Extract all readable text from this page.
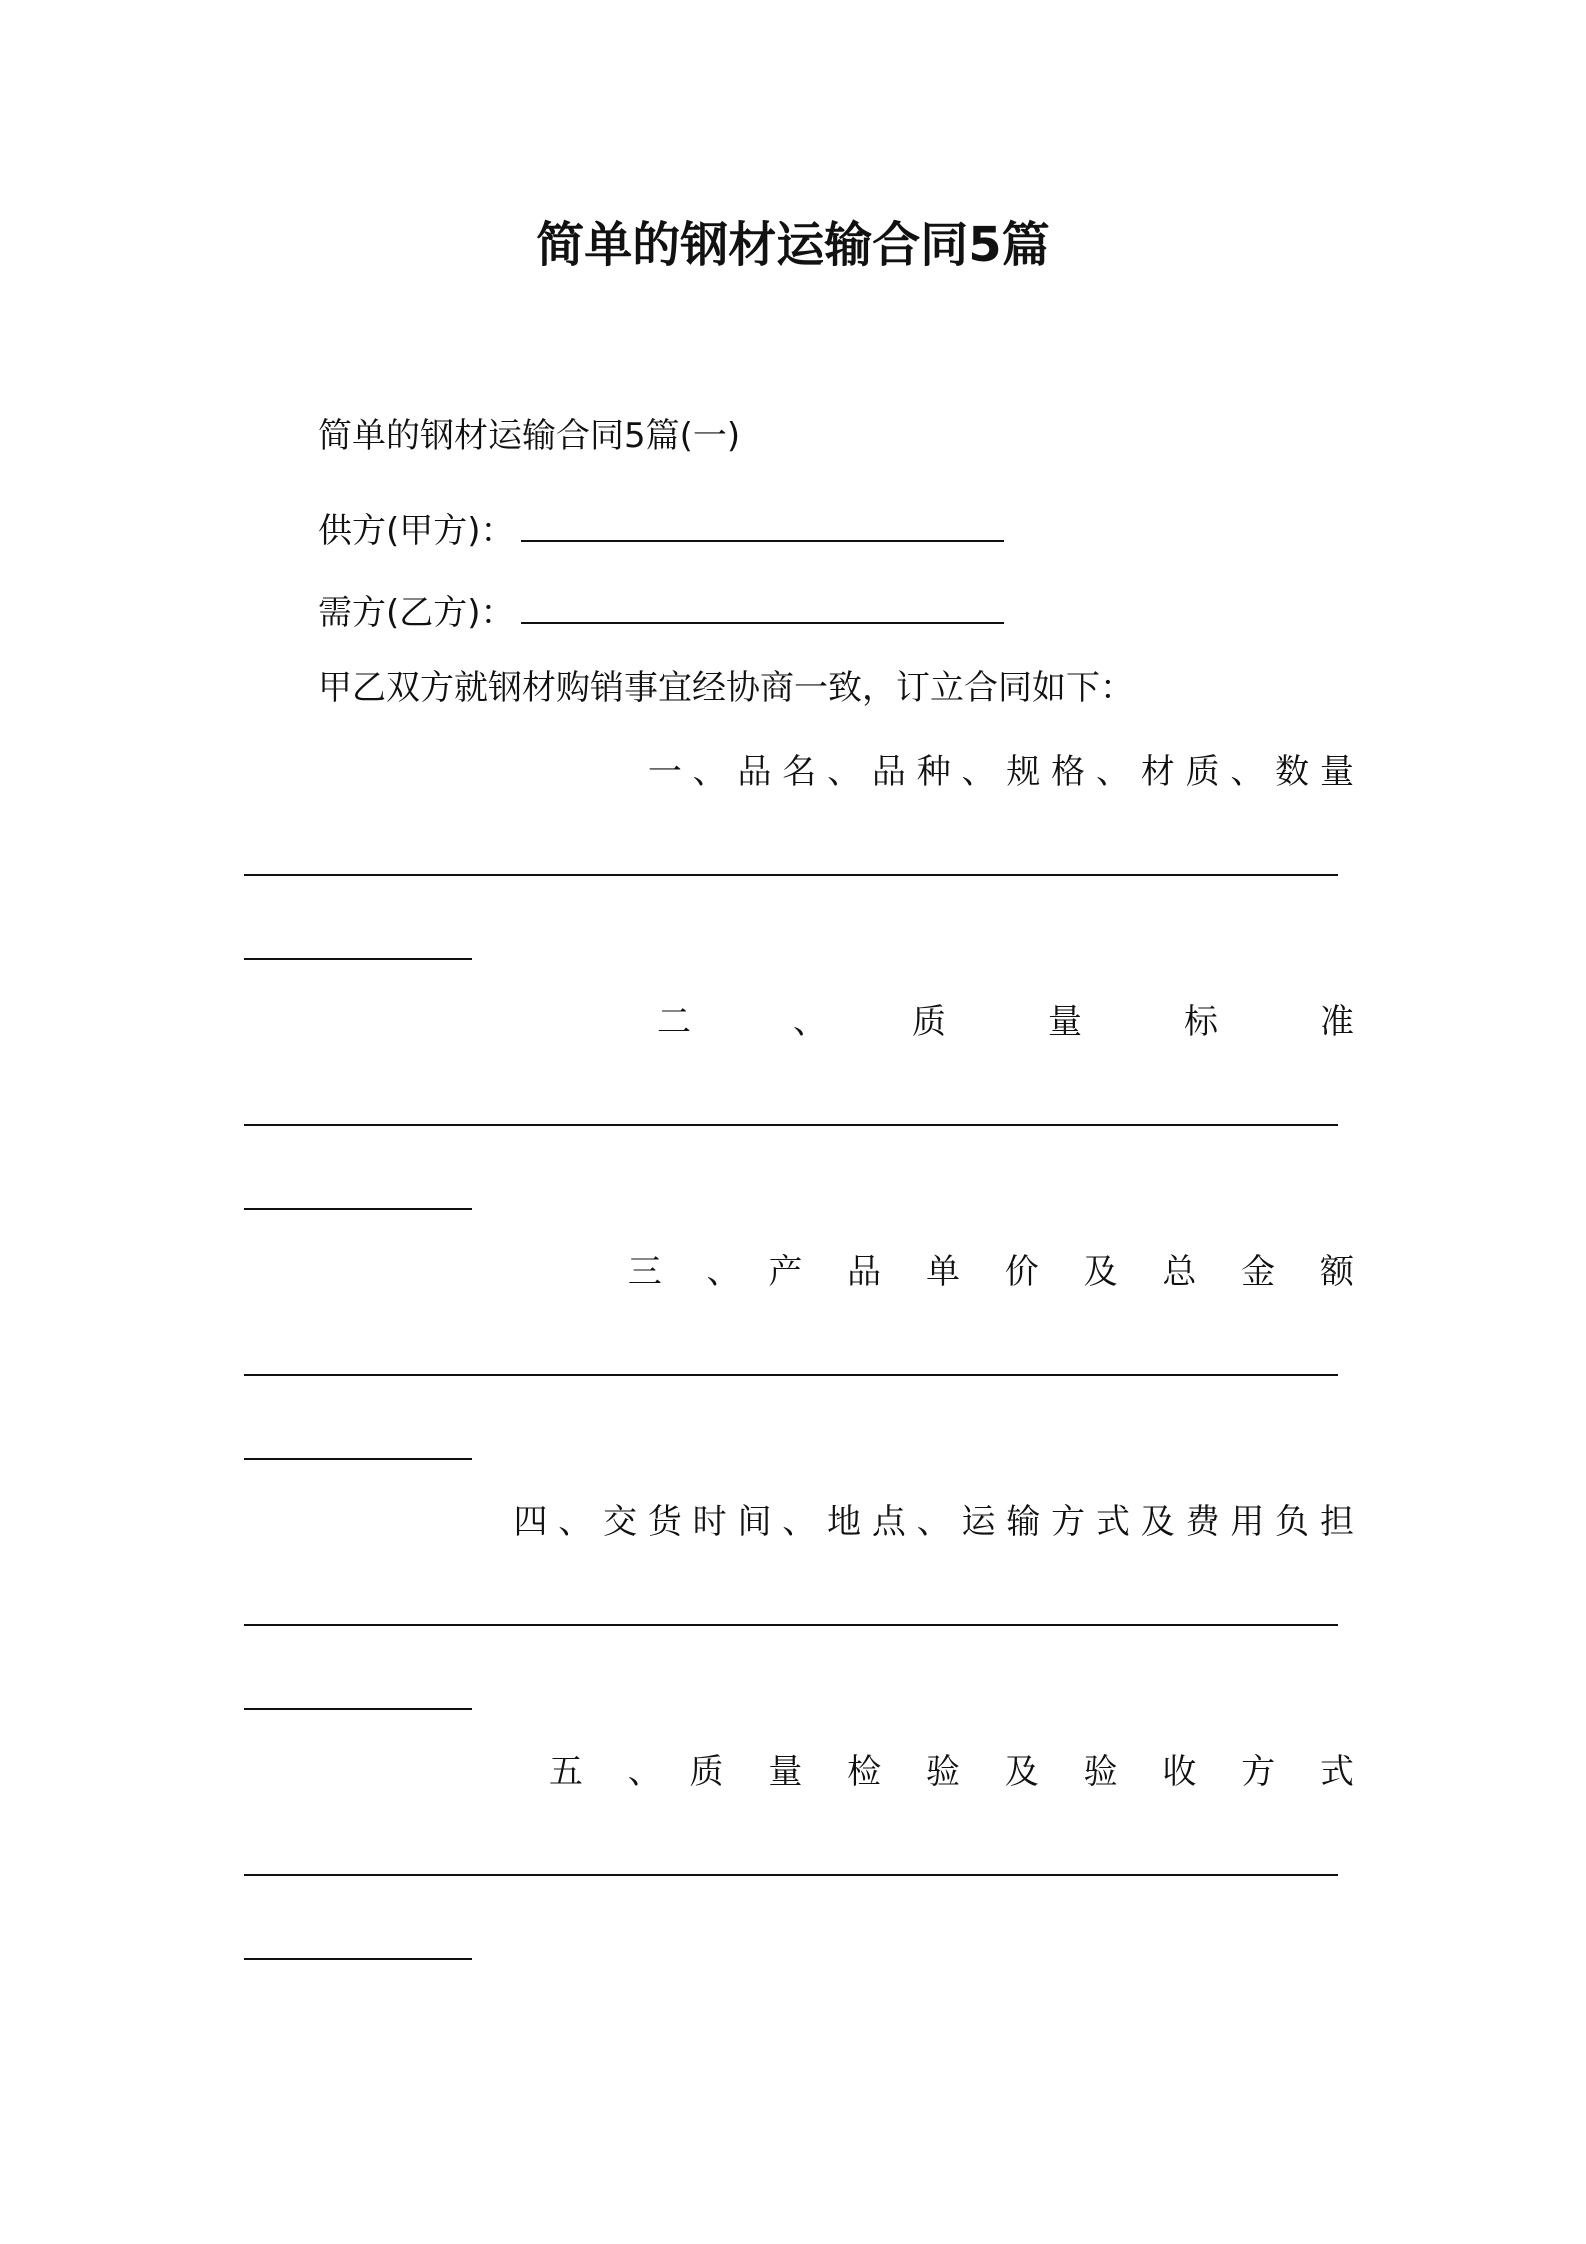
简单的钢材运输合同5篇

简单的钢材运输合同5篇(一)

供方(甲方)：

需方(乙方)：

甲乙双方就钢材购销事宜经协商一致，订立合同如下：

一 、 品 名 、 品 种 、 规 格 、 材 质 、 数 量

二　　　、　　　质　　　量　　　标　　　准

三　 、　 产　 品　 单　 价　 及　 总　 金　 额

四 、 交 货 时 间 、 地 点 、 运 输 方 式 及 费 用 负 担

五　 、　 质　 量　 检　 验　 及　 验　 收　 方　 式
